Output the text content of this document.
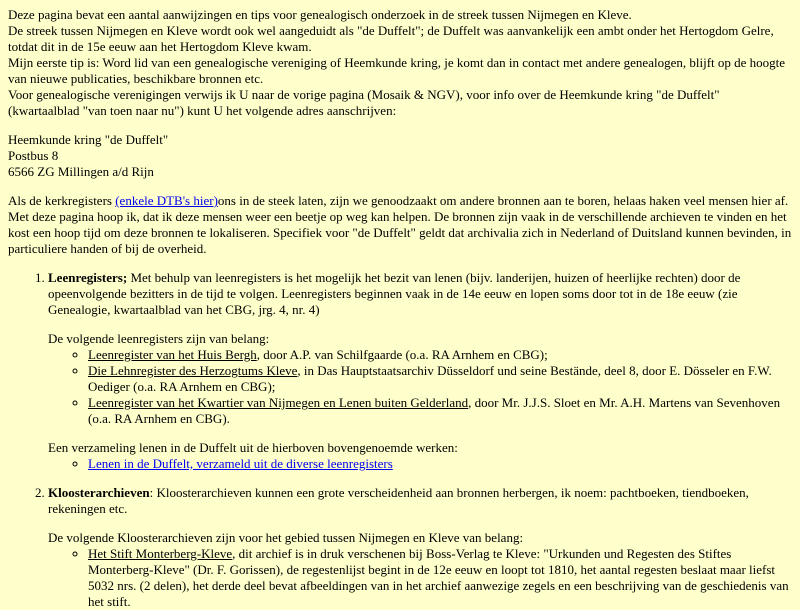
Deze pagina bevat een aantal aanwijzingen en tips voor genealogisch onderzoek in de streek tussen Nijmegen en Kleve.

De streek tussen Nijmegen en Kleve wordt ook wel aangeduidt als "de Duffelt"; de Duffelt was aanvankelijk een ambt onder het Hertogdom Gelre, totdat dit in de 15e eeuw aan het Hertogdom Kleve kwam.

Mijn eerste tip is: Word lid van een genealogische vereniging of Heemkunde kring, je komt dan in contact met andere genealogen, blijft op de hoogte van nieuwe publicaties, beschikbare bronnen etc.

Voor genealogische verenigingen verwijs ik U naar de vorige pagina (Mosaik & NGV), voor info over de Heemkunde kring "de Duffelt" (kwartaalblad "van toen naar nu") kunt U het volgende adres aanschrijven:

Heemkunde kring "de Duffelt"

Postbus 8

6566 ZG Millingen a/d Rijn

Als de kerkregisters (enkele DTB's hier)ons in de steek laten, zijn we genoodzaakt om andere bronnen aan te boren, helaas haken veel mensen hier af. Met deze pagina hoop ik, dat ik deze mensen weer een beetje op weg kan helpen. De bronnen zijn vaak in de verschillende archieven te vinden en het kost een hoop tijd om deze bronnen te lokaliseren. Specifiek voor "de Duffelt" geldt dat archivalia zich in Nederland of Duitsland kunnen bevinden, in particuliere handen of bij de overheid.

1. Leenregisters; Met behulp van leenregisters is het mogelijk het bezit van lenen (bijv. landerijen, huizen of heerlijke rechten) door de opeenvolgende bezitters in de tijd te volgen. Leenregisters beginnen vaak in de 14e eeuw en lopen soms door tot in de 18e eeuw (zie Genealogie, kwartaalblad van het CBG, jrg. 4, nr. 4)

De volgende leenregisters zijn van belang:

◦ Leenregister van het Huis Bergh, door A.P. van Schilfgaarde (o.a. RA Arnhem en CBG);
◦ Die Lehnregister des Herzogtums Kleve, in Das Hauptstaatsarchiv Düsseldorf und seine Bestände, deel 8, door E. Dösseler en F.W. Oediger (o.a. RA Arnhem en CBG);
◦ Leenregister van het Kwartier van Nijmegen en Lenen buiten Gelderland, door Mr. J.J.S. Sloet en Mr. A.H. Martens van Sevenhoven (o.a. RA Arnhem en CBG).

Een verzameling lenen in de Duffelt uit de hierboven bovengenoemde werken:

◦ Lenen in de Duffelt, verzameld uit de diverse leenregisters

2. Kloosterarchieven: Kloosterarchieven kunnen een grote verscheidenheid aan bronnen herbergen, ik noem: pachtboeken, tiendboeken, rekeningen etc.

De volgende Kloosterarchieven zijn voor het gebied tussen Nijmegen en Kleve van belang:

◦ Het Stift Monterberg-Kleve, dit archief is in druk verschenen bij Boss-Verlag te Kleve: "Urkunden und Regesten des Stiftes Monterberg-Kleve" (Dr. F. Gorissen), de regestenlijst begint in de 12e eeuw en loopt tot 1810, het aantal regesten beslaat maar liefst 5032 nrs. (2 delen), het derde deel bevat afbeeldingen van in het archief aanwezige zegels en een beschrijving van de geschiedenis van het stift.
